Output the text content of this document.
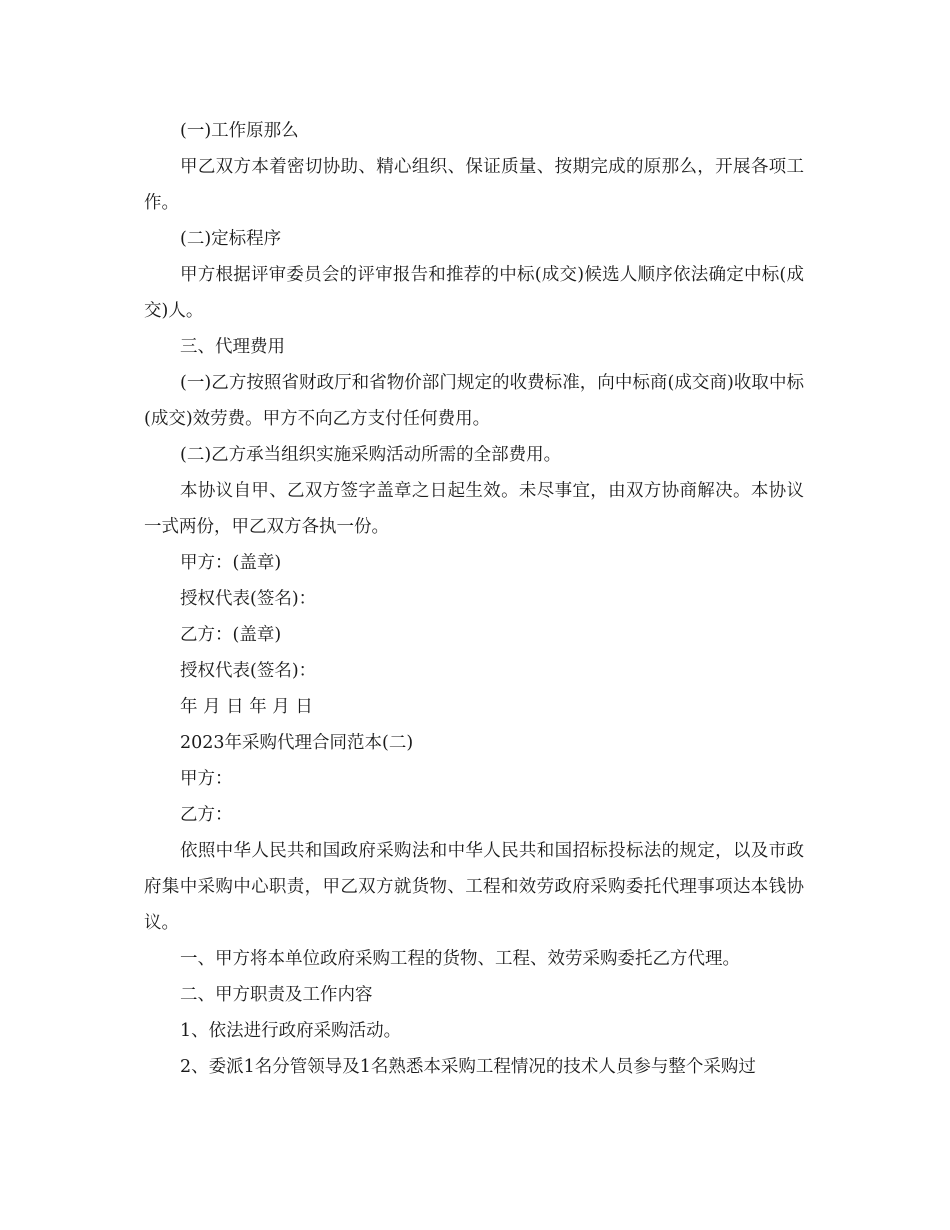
(一)工作原那么

甲乙双方本着密切协助、精心组织、保证质量、按期完成的原那么，开展各项工作。

(二)定标程序

甲方根据评审委员会的评审报告和推荐的中标(成交)候选人顺序依法确定中标(成交)人。

三、代理费用

(一)乙方按照省财政厅和省物价部门规定的收费标准，向中标商(成交商)收取中标(成交)效劳费。甲方不向乙方支付任何费用。

(二)乙方承当组织实施采购活动所需的全部费用。

本协议自甲、乙双方签字盖章之日起生效。未尽事宜，由双方协商解决。本协议一式两份，甲乙双方各执一份。

甲方：(盖章)

授权代表(签名)：

乙方：(盖章)

授权代表(签名)：

年 月 日 年 月 日

2023年采购代理合同范本(二)

甲方：

乙方：

依照中华人民共和国政府采购法和中华人民共和国招标投标法的规定，以及市政府集中采购中心职责，甲乙双方就货物、工程和效劳政府采购委托代理事项达本钱协议。

一、甲方将本单位政府采购工程的货物、工程、效劳采购委托乙方代理。

二、甲方职责及工作内容

1、依法进行政府采购活动。

2、委派1名分管领导及1名熟悉本采购工程情况的技术人员参与整个采购过
